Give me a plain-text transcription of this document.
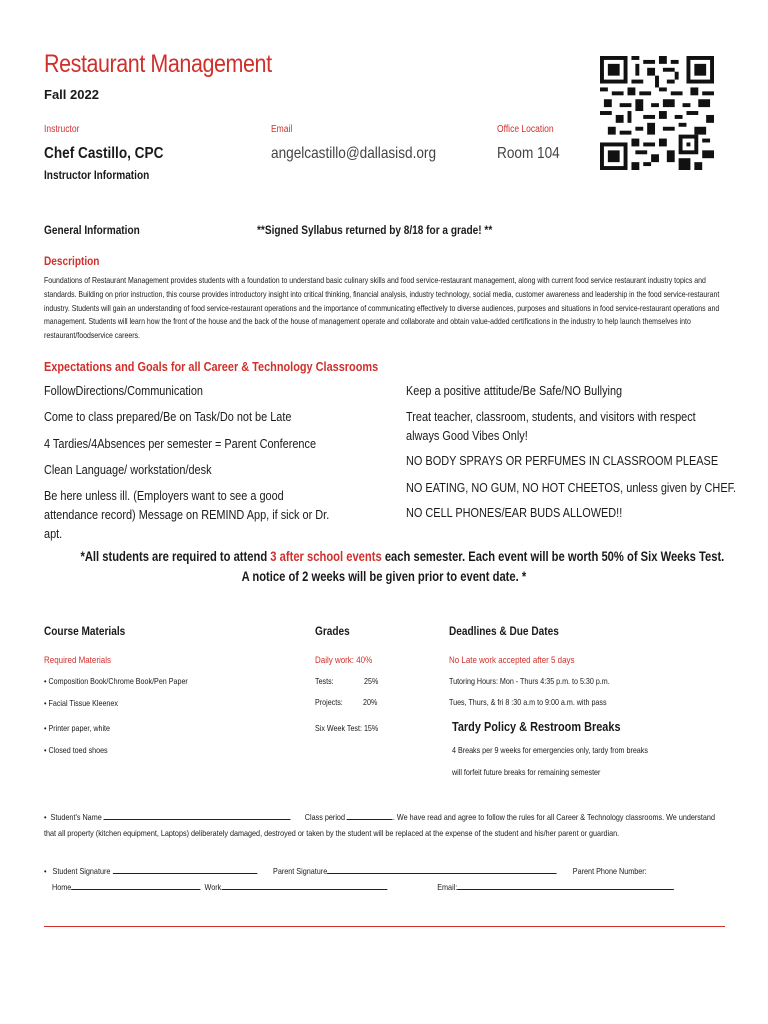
Restaurant Management
Fall 2022
Instructor	Email	Office Location
Chef Castillo, CPC	angelcastillo@dallasisd.org	Room 104
Instructor Information
General Information	**Signed Syllabus returned by 8/18 for a grade! **
Description
Foundations of Restaurant Management provides students with a foundation to understand basic culinary skills and food service-restaurant management, along with current food service restaurant industry topics and standards. Building on prior instruction, this course provides introductory insight into critical thinking, financial analysis, industry technology, social media, customer awareness and leadership in the food service-restaurant industry. Students will gain an understanding of food service-restaurant operations and the importance of communicating effectively to diverse audiences, purposes and situations in food service-restaurant operations and management. Students will learn how the front of the house and the back of the house of management operate and collaborate and obtain value-added certifications in the industry to help launch themselves into restaurant/foodservice careers.
Expectations and Goals for all Career & Technology Classrooms
FollowDirections/Communication
Come to class prepared/Be on Task/Do not be Late
4 Tardies/4Absences per semester = Parent Conference
Clean Language/ workstation/desk
Be here unless ill. (Employers want to see a good attendance record) Message on REMIND App, if sick or Dr. apt.
Keep a positive attitude/Be Safe/NO Bullying
Treat teacher, classroom, students, and visitors with respect always Good Vibes Only!
NO BODY SPRAYS OR PERFUMES IN CLASSROOM PLEASE
NO EATING, NO GUM, NO HOT CHEETOS, unless given by CHEF.
NO CELL PHONES/EAR BUDS ALLOWED!!
*All students are required to attend 3 after school events each semester. Each event will be worth 50% of Six Weeks Test.
A notice of 2 weeks will be given prior to event date. *
Course Materials
Required Materials
• Composition Book/Chrome Book/Pen Paper
• Facial Tissue Kleenex
• Printer paper, white
• Closed toed shoes
Grades
Daily work: 40%
Tests:	25%
Projects: 20%
Six Week Test: 15%
Deadlines & Due Dates
No Late work accepted after 5 days
Tutoring Hours: Mon - Thurs 4:35 p.m. to 5:30 p.m.
Tues, Thurs, & fri 8 :30 a.m to 9:00 a.m. with pass
Tardy Policy & Restroom Breaks
4 Breaks per 9 weeks for emergencies only, tardy from breaks
will forfeit future breaks for remaining semester
•  Student's Name	Class period	. We have read and agree to follow the rules for all Career & Technology classrooms. We understand that all property (kitchen equipment, Laptops) deliberately damaged, destroyed or taken by the student will be replaced at the expense of the student and his/her parent or guardian.
•   Student Signature	Parent Signature	Parent Phone Number:
Home	Work	Email:
